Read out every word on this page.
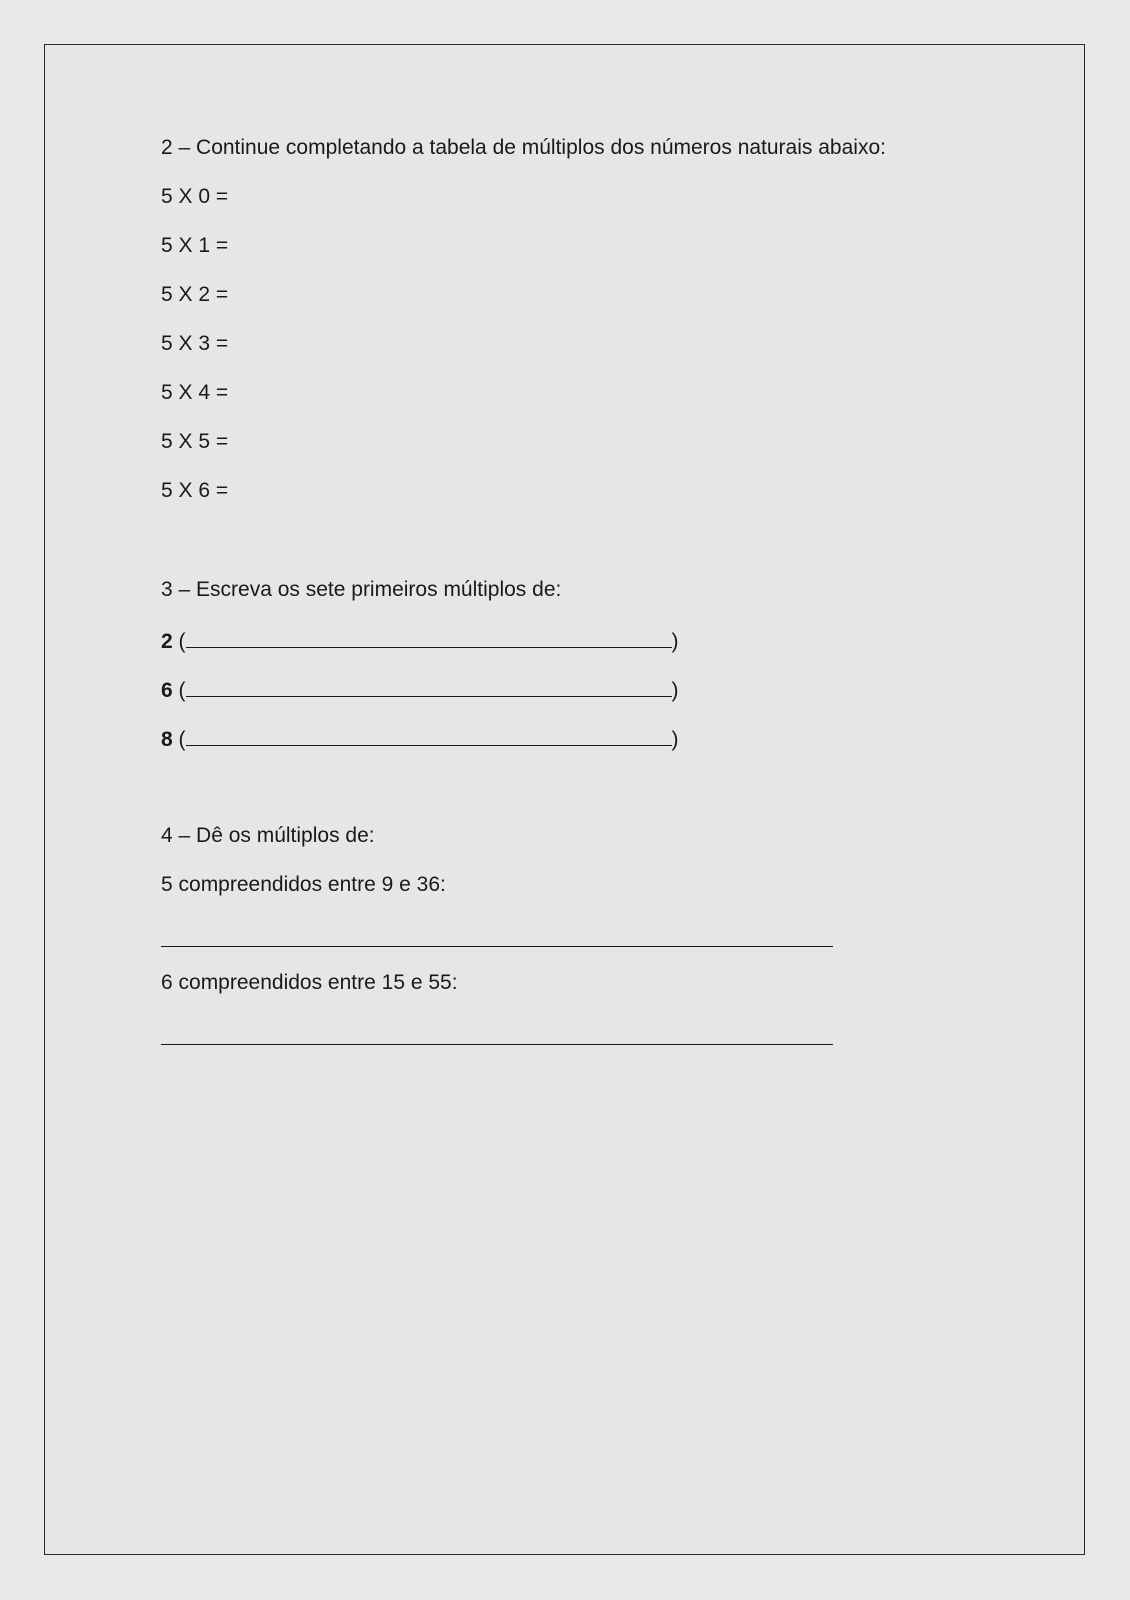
2 – Continue completando a tabela de múltiplos dos números naturais abaixo:
5 X 0 =
5 X 1 =
5 X 2 =
5 X 3 =
5 X 4 =
5 X 5 =
5 X 6 =
3 – Escreva os sete primeiros múltiplos de:
2 (	)
6 (	)
8 (	)
4 – Dê os múltiplos de:
5 compreendidos entre 9 e 36:
6 compreendidos entre 15 e 55:
